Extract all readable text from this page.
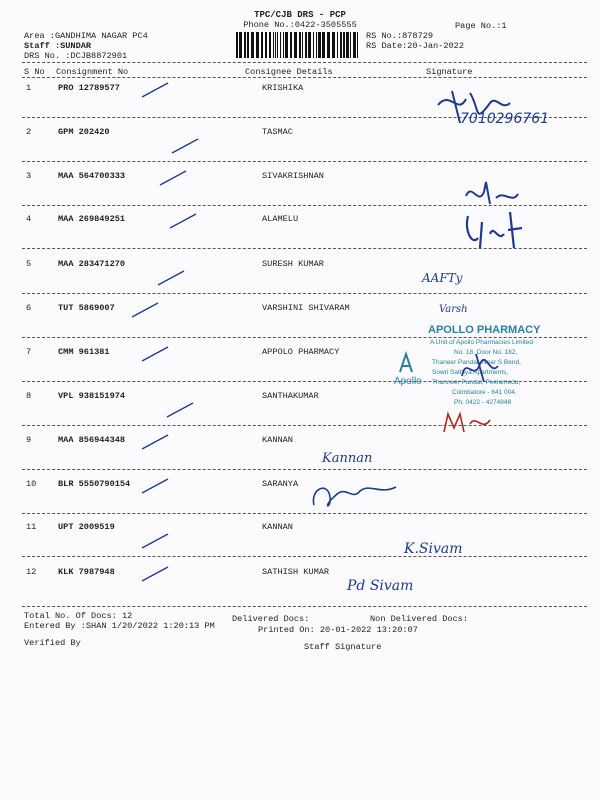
TPC/CJB DRS - PCP
Phone No.:0422-3505555	Page No.:1
Area :GANDHIMA NAGAR PC4
Staff :SUNDAR
DRS No. :DCJB8872901
RS No.:878729
RS Date:20-Jan-2022
S No Consignment No	Consignee Details	Signature
1	PRO 12789577	KRISHIKA
2	GPM 202420	TASMAC
3	MAA 564700333	SIVAKRISHNAN
4	MAA 269849251	ALAMELU
5	MAA 283471270	SURESH KUMAR
6	TUT 5869007	VARSHINI SHIVARAM
7	CMM 961381	APPOLO PHARMACY
8	VPL 938151974	SANTHAKUMAR
9	MAA 856944348	KANNAN
10	BLR 5550790154	SARANYA
11	UPT 2009519	KANNAN
12	KLK 7987948	SATHISH KUMAR
7010296761
AAFTy
Varsh
APOLLO PHARMACY
A Unit of Apollo Pharmacies Limited
No. 18, Door No: 182,
Thaneer Pandal, Near S Bend,
Sowri Sathiya Apartments,
Thanneer Pandal, Peelamedu,
Coimbatore - 641 004.
Ph: 0422 - 4274848
Apollo
Kannan
K.Sivam
Pd Sivam
Total No. Of Docs: 12	Delivered Docs:	Non Delivered Docs:
Entered By :SHAN 1/20/2022 1:20:13 PM	Printed On: 20-01-2022 13:20:07
Verified By	Staff Signature
